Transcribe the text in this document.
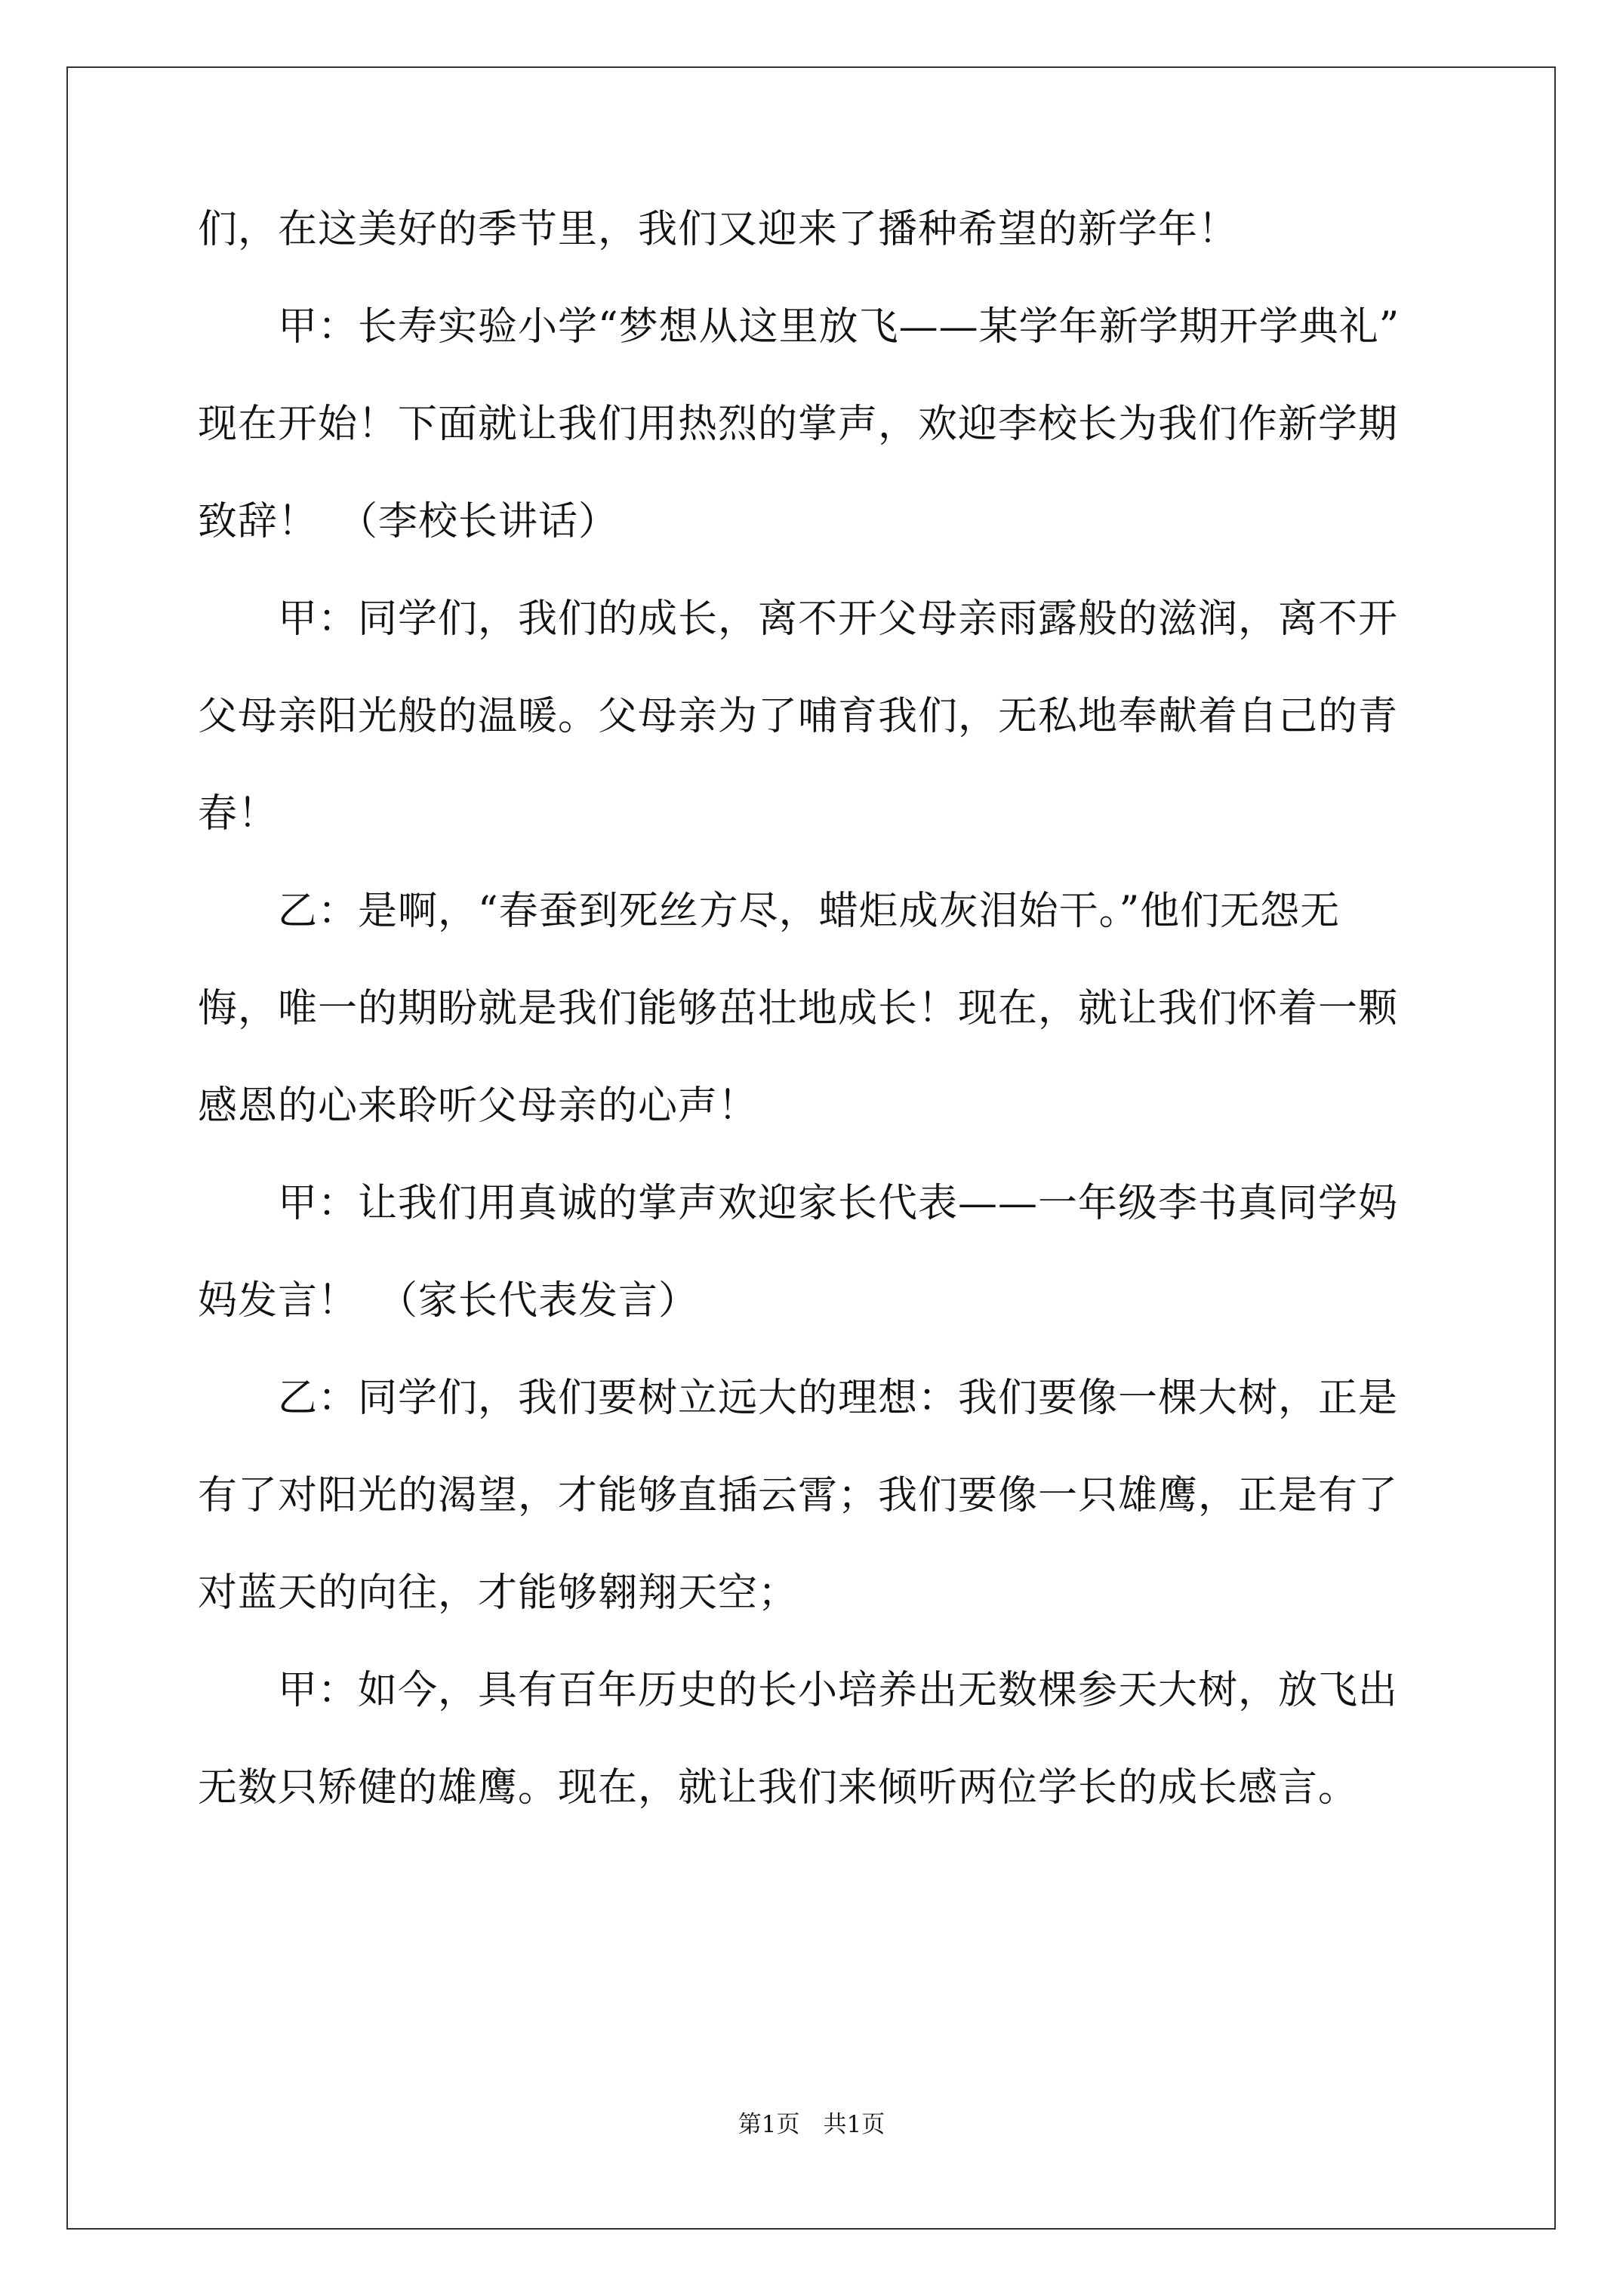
们，在这美好的季节里，我们又迎来了播种希望的新学年！
　　甲：长寿实验小学“梦想从这里放飞——某学年新学期开学典礼”
现在开始！下面就让我们用热烈的掌声，欢迎李校长为我们作新学期
致辞！　（李校长讲话）
　　甲：同学们，我们的成长，离不开父母亲雨露般的滋润，离不开
父母亲阳光般的温暖。父母亲为了哺育我们，无私地奉献着自己的青
春！
　　乙：是啊，“春蚕到死丝方尽，蜡炬成灰泪始干。”他们无怨无
悔，唯一的期盼就是我们能够茁壮地成长！现在，就让我们怀着一颗
感恩的心来聆听父母亲的心声！
　　甲：让我们用真诚的掌声欢迎家长代表——一年级李书真同学妈
妈发言！　（家长代表发言）
　　乙：同学们，我们要树立远大的理想：我们要像一棵大树，正是
有了对阳光的渴望，才能够直插云霄；我们要像一只雄鹰，正是有了
对蓝天的向往，才能够翱翔天空；
　　甲：如今，具有百年历史的长小培养出无数棵参天大树，放飞出
无数只矫健的雄鹰。现在，就让我们来倾听两位学长的成长感言。
第1页　共1页
